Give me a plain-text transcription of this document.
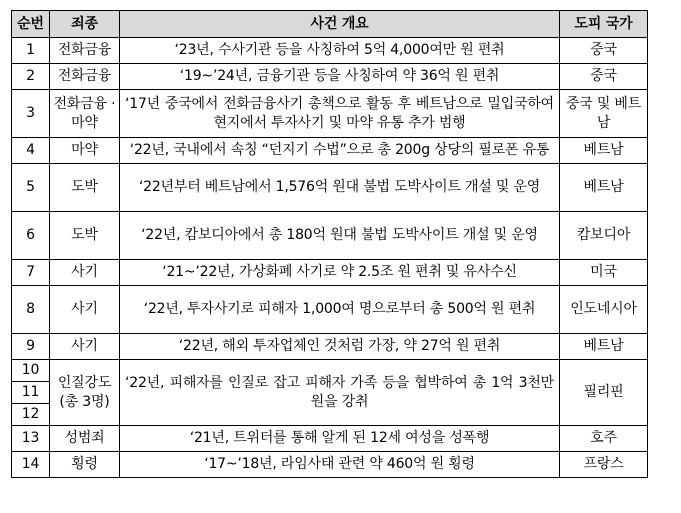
순번	죄종	사건 개요	도피 국가
1	전화금융	‘23년, 수사기관 등을 사칭하여 5억 4,000여만 원 편취	중국
2	전화금융	‘19~’24년, 금융기관 등을 사칭하여 약 36억 원 편취	중국
3	전화금융 · 마약	‘17년 중국에서 전화금융사기 총책으로 활동 후 베트남으로 밀입국하여 현지에서 투자사기 및 마약 유통 추가 범행	중국 및 베트남
4	마약	‘22년, 국내에서 속칭 “던지기 수법”으로 총 200g 상당의 필로폰 유통	베트남
5	도박	‘22년부터 베트남에서 1,576억 원대 불법 도박사이트 개설 및 운영	베트남
6	도박	‘22년, 캄보디아에서 총 180억 원대 불법 도박사이트 개설 및 운영	캄보디아
7	사기	‘21~’22년, 가상화폐 사기로 약 2.5조 원 편취 및 유사수신	미국
8	사기	‘22년, 투자사기로 피해자 1,000여 명으로부터 총 500억 원 편취	인도네시아
9	사기	‘22년, 해외 투자업체인 것처럼 가장, 약 27억 원 편취	베트남
10	인질강도 (총 3명)	‘22년, 피해자를 인질로 잡고 피해자 가족 등을 협박하여 총 1억 3천만 원을 강취	필리핀
11			
12			
13	성범죄	‘21년, 트위터를 통해 알게 된 12세 여성을 성폭행	호주
14	횡령	‘17~’18년, 라임사태 관련 약 460억 원 횡령	프랑스
